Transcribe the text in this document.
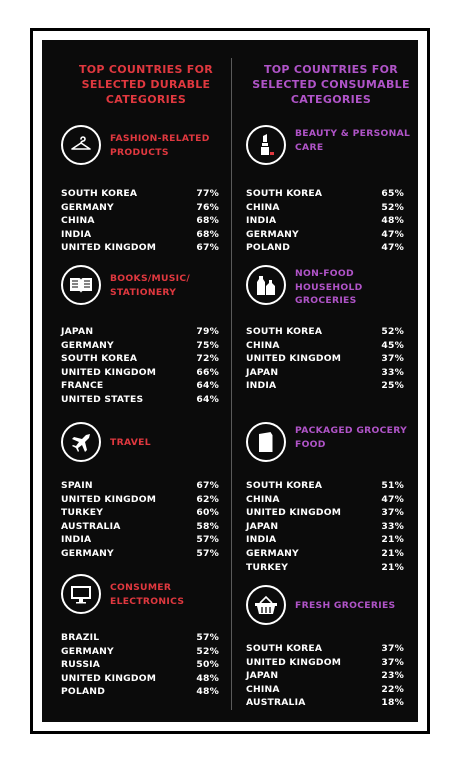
TOP COUNTRIES FOR SELECTED DURABLE CATEGORIES
FASHION-RELATED PRODUCTS
SOUTH KOREA	77%
GERMANY	76%
CHINA	68%
INDIA	68%
UNITED KINGDOM	67%
BOOKS/MUSIC/ STATIONERY
JAPAN	79%
GERMANY	75%
SOUTH KOREA	72%
UNITED KINGDOM	66%
FRANCE	64%
UNITED STATES	64%
TRAVEL
SPAIN	67%
UNITED KINGDOM	62%
TURKEY	60%
AUSTRALIA	58%
INDIA	57%
GERMANY	57%
CONSUMER ELECTRONICS
BRAZIL	57%
GERMANY	52%
RUSSIA	50%
UNITED KINGDOM	48%
POLAND	48%
TOP COUNTRIES FOR SELECTED CONSUMABLE CATEGORIES
BEAUTY & PERSONAL CARE
SOUTH KOREA	65%
CHINA	52%
INDIA	48%
GERMANY	47%
POLAND	47%
NON-FOOD HOUSEHOLD GROCERIES
SOUTH KOREA	52%
CHINA	45%
UNITED KINGDOM	37%
JAPAN	33%
INDIA	25%
PACKAGED GROCERY FOOD
SOUTH KOREA	51%
CHINA	47%
UNITED KINGDOM	37%
JAPAN	33%
INDIA	21%
GERMANY	21%
TURKEY	21%
FRESH GROCERIES
SOUTH KOREA	37%
UNITED KINGDOM	37%
JAPAN	23%
CHINA	22%
AUSTRALIA	18%
